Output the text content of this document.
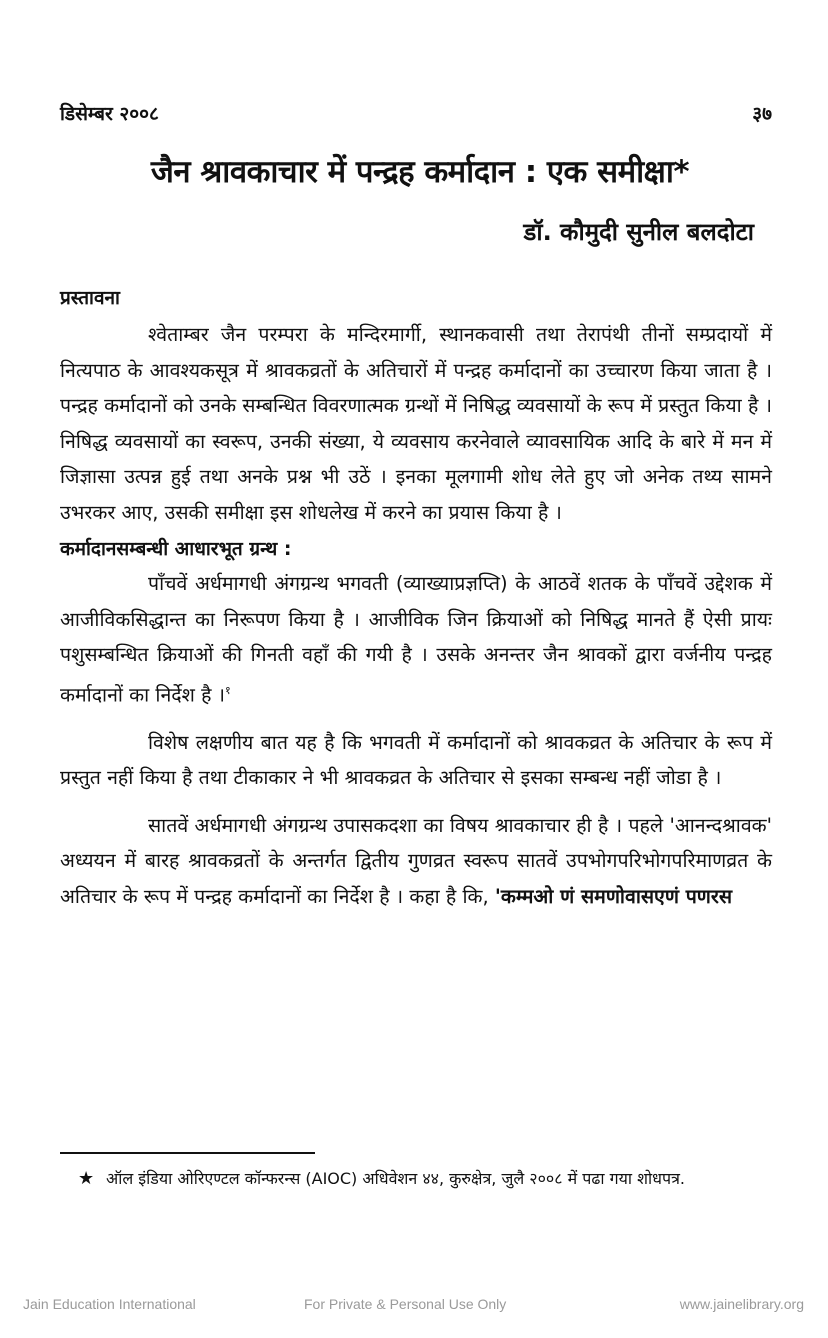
डिसेम्बर २००८	३७
जैन श्रावकाचार में पन्द्रह कर्मादान : एक समीक्षा*
डॉ. कौमुदी सुनील बलदोटा

प्रस्तावना

श्वेताम्बर जैन परम्परा के मन्दिरमार्गी, स्थानकवासी तथा तेरापंथी तीनों सम्प्रदायों में नित्यपाठ के आवश्यकसूत्र में श्रावकव्रतों के अतिचारों में पन्द्रह कर्मादानों का उच्चारण किया जाता है । पन्द्रह कर्मादानों को उनके सम्बन्धित विवरणात्मक ग्रन्थों में निषिद्ध व्यवसायों के रूप में प्रस्तुत किया है । निषिद्ध व्यवसायों का स्वरूप, उनकी संख्या, ये व्यवसाय करनेवाले व्यावसायिक आदि के बारे में मन में जिज्ञासा उत्पन्न हुई तथा अनके प्रश्न भी उठें । इनका मूलगामी शोध लेते हुए जो अनेक तथ्य सामने उभरकर आए, उसकी समीक्षा इस शोधलेख में करने का प्रयास किया है ।

कर्मादानसम्बन्धी आधारभूत ग्रन्थ :

पाँचवें अर्धमागधी अंगग्रन्थ भगवती (व्याख्याप्रज्ञप्ति) के आठवें शतक के पाँचवें उद्देशक में आजीविकसिद्धान्त का निरूपण किया है । आजीविक जिन क्रियाओं को निषिद्ध मानते हैं ऐसी प्रायः पशुसम्बन्धित क्रियाओं की गिनती वहाँ की गयी है । उसके अनन्तर जैन श्रावकों द्वारा वर्जनीय पन्द्रह कर्मादानों का निर्देश है ।$^१$

विशेष लक्षणीय बात यह है कि भगवती में कर्मादानों को श्रावकव्रत के अतिचार के रूप में प्रस्तुत नहीं किया है तथा टीकाकार ने भी श्रावकव्रत के अतिचार से इसका सम्बन्ध नहीं जोडा है ।

सातवें अर्धमागधी अंगग्रन्थ उपासकदशा का विषय श्रावकाचार ही है । पहले 'आनन्दश्रावक' अध्ययन में बारह श्रावकव्रतों के अन्तर्गत द्वितीय गुणव्रत स्वरूप सातवें उपभोगपरिभोगपरिमाणव्रत के अतिचार के रूप में पन्द्रह कर्मादानों का निर्देश है । कहा है कि, 'कम्मओ णं समणोवासएणं पणरस

★ ऑल इंडिया ओरिएण्टल कॉन्फरन्स (AIOC) अधिवेशन ४४, कुरुक्षेत्र, जुलै २००८ में पढा गया शोधपत्र.
Jain Education International	For Private & Personal Use Only	www.jainelibrary.org
